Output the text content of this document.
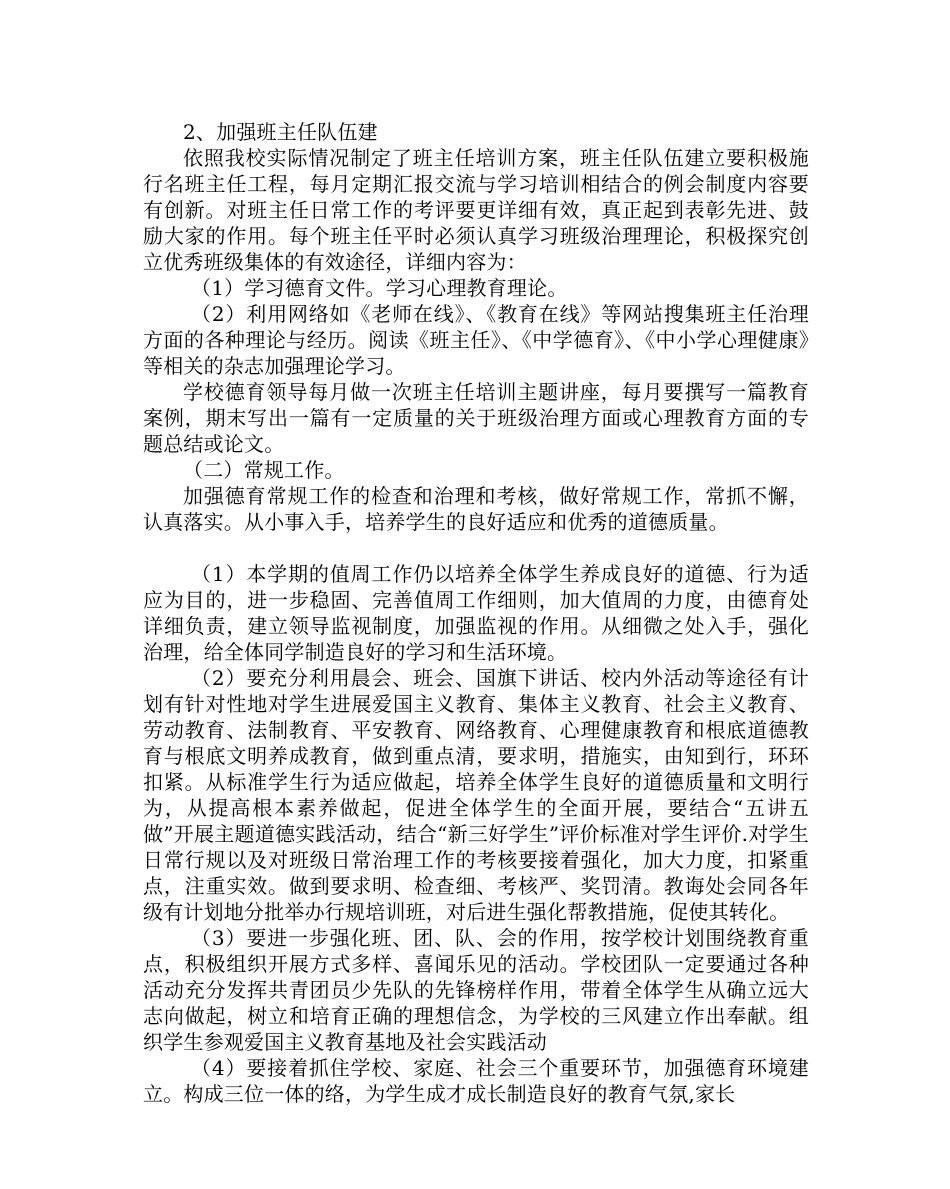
2、加强班主任队伍建

依照我校实际情况制定了班主任培训方案，班主任队伍建立要积极施行名班主任工程，每月定期汇报交流与学习培训相结合的例会制度内容要有创新。对班主任日常工作的考评要更详细有效，真正起到表彰先进、鼓励大家的作用。每个班主任平时必须认真学习班级治理理论，积极探究创立优秀班级集体的有效途径，详细内容为：

（1）学习德育文件。学习心理教育理论。

（2）利用网络如《老师在线》、《教育在线》等网站搜集班主任治理方面的各种理论与经历。阅读《班主任》、《中学德育》、《中小学心理健康》等相关的杂志加强理论学习。

学校德育领导每月做一次班主任培训主题讲座，每月要撰写一篇教育案例，期末写出一篇有一定质量的关于班级治理方面或心理教育方面的专题总结或论文。

（二）常规工作。

加强德育常规工作的检查和治理和考核，做好常规工作，常抓不懈，认真落实。从小事入手，培养学生的良好适应和优秀的道德质量。

（1）本学期的值周工作仍以培养全体学生养成良好的道德、行为适应为目的，进一步稳固、完善值周工作细则，加大值周的力度，由德育处详细负责，建立领导监视制度，加强监视的作用。从细微之处入手，强化治理，给全体同学制造良好的学习和生活环境。

（2）要充分利用晨会、班会、国旗下讲话、校内外活动等途径有计划有针对性地对学生进展爱国主义教育、集体主义教育、社会主义教育、劳动教育、法制教育、平安教育、网络教育、心理健康教育和根底道德教育与根底文明养成教育，做到重点清，要求明，措施实，由知到行，环环扣紧。从标准学生行为适应做起，培养全体学生良好的道德质量和文明行为，从提高根本素养做起，促进全体学生的全面开展，要结合“五讲五做”开展主题道德实践活动，结合“新三好学生”评价标准对学生评价.对学生日常行规以及对班级日常治理工作的考核要接着强化，加大力度，扣紧重点，注重实效。做到要求明、检查细、考核严、奖罚清。教诲处会同各年级有计划地分批举办行规培训班，对后进生强化帮教措施，促使其转化。

（3）要进一步强化班、团、队、会的作用，按学校计划围绕教育重点，积极组织开展方式多样、喜闻乐见的活动。学校团队一定要通过各种活动充分发挥共青团员少先队的先锋榜样作用，带着全体学生从确立远大志向做起，树立和培育正确的理想信念，为学校的三风建立作出奉献。组织学生参观爱国主义教育基地及社会实践活动

（4）要接着抓住学校、家庭、社会三个重要环节，加强德育环境建立。构成三位一体的络，为学生成才成长制造良好的教育气氛,家长
